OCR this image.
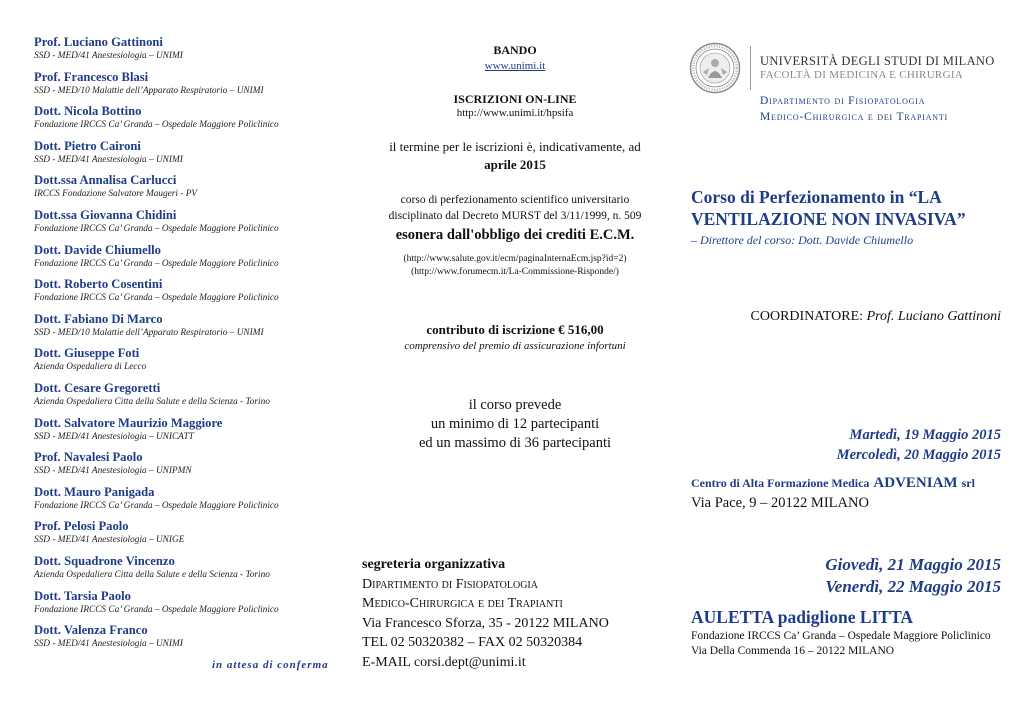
Prof. Luciano Gattinoni
SSD - MED/41 Anestesiologia – UNIMI
Prof. Francesco Blasi
SSD - MED/10 Malattie dell’Apparato Respiratorio – UNIMI
Dott. Nicola Bottino
Fondazione IRCCS Ca’ Granda – Ospedale Maggiore Policlinico
Dott. Pietro Caironi
SSD - MED/41 Anestesiologia – UNIMI
Dott.ssa Annalisa Carlucci
IRCCS Fondazione Salvatore Maugeri - PV
Dott.ssa Giovanna Chidini
Fondazione IRCCS Ca’ Granda – Ospedale Maggiore Policlinico
Dott. Davide Chiumello
Fondazione IRCCS Ca’ Granda – Ospedale Maggiore Policlinico
Dott. Roberto Cosentini
Fondazione IRCCS Ca’ Granda – Ospedale Maggiore Policlinico
Dott. Fabiano Di Marco
SSD - MED/10 Malattie dell’Apparato Respiratorio – UNIMI
Dott. Giuseppe Foti
Azienda Ospedaliera di Lecco
Dott. Cesare Gregoretti
Azienda Ospedaliera Citta della Salute e della Scienza - Torino
Dott. Salvatore Maurizio Maggiore
SSD - MED/41 Anestesiologia – UNICATT
Prof. Navalesi Paolo
SSD - MED/41 Anestesiologia – UNIPMN
Dott. Mauro Panigada
Fondazione IRCCS Ca’ Granda – Ospedale Maggiore Policlinico
Prof. Pelosi Paolo
SSD - MED/41 Anestesiologia – UNIGE
Dott. Squadrone Vincenzo
Azienda Ospedaliera Citta della Salute e della Scienza - Torino
Dott. Tarsia Paolo
Fondazione IRCCS Ca’ Granda – Ospedale Maggiore Policlinico
Dott. Valenza Franco
SSD - MED/41 Anestesiologia – UNIMI
in attesa di conferma
BANDO
www.unimi.it
ISCRIZIONI ON-LINE
http://www.unimi.it/hpsifa
il termine per le iscrizioni è, indicativamente, ad
aprile 2015
corso di perfezionamento scientifico universitario
disciplinato dal Decreto MURST del 3/11/1999, n. 509
esonera dall'obbligo dei crediti E.C.M.
(http://www.salute.gov.it/ecm/paginaInternaEcm.jsp?id=2)
(http://www.forumecm.it/La-Commissione-Risponde/)
contributo di iscrizione € 516,00
comprensivo del premio di assicurazione infortuni
il corso prevede
un minimo di 12 partecipanti
ed un massimo di 36 partecipanti
segreteria organizzativa
Dipartimento di Fisiopatologia
Medico-Chirurgica e dei Trapianti
Via Francesco Sforza, 35 - 20122 MILANO
TEL 02 50320382 – FAX 02 50320384
E-MAIL corsi.dept@unimi.it
UNIVERSITÀ DEGLI STUDI DI MILANO
FACOLTÀ DI MEDICINA E CHIRURGIA
Dipartimento di Fisiopatologia
Medico-Chirurgica e dei Trapianti
Corso di Perfezionamento in “LA
VENTILAZIONE NON INVASIVA”
– Direttore del corso: Dott. Davide Chiumello
COORDINATORE: Prof. Luciano Gattinoni
Martedì, 19 Maggio 2015
Mercoledì, 20 Maggio 2015
Centro di Alta Formazione Medica ADVENIAM srl
Via Pace, 9 – 20122 MILANO
Giovedì, 21 Maggio 2015
Venerdì, 22 Maggio 2015
AULETTA padiglione LITTA
Fondazione IRCCS Ca’ Granda – Ospedale Maggiore Policlinico
Via Della Commenda 16 – 20122 MILANO
